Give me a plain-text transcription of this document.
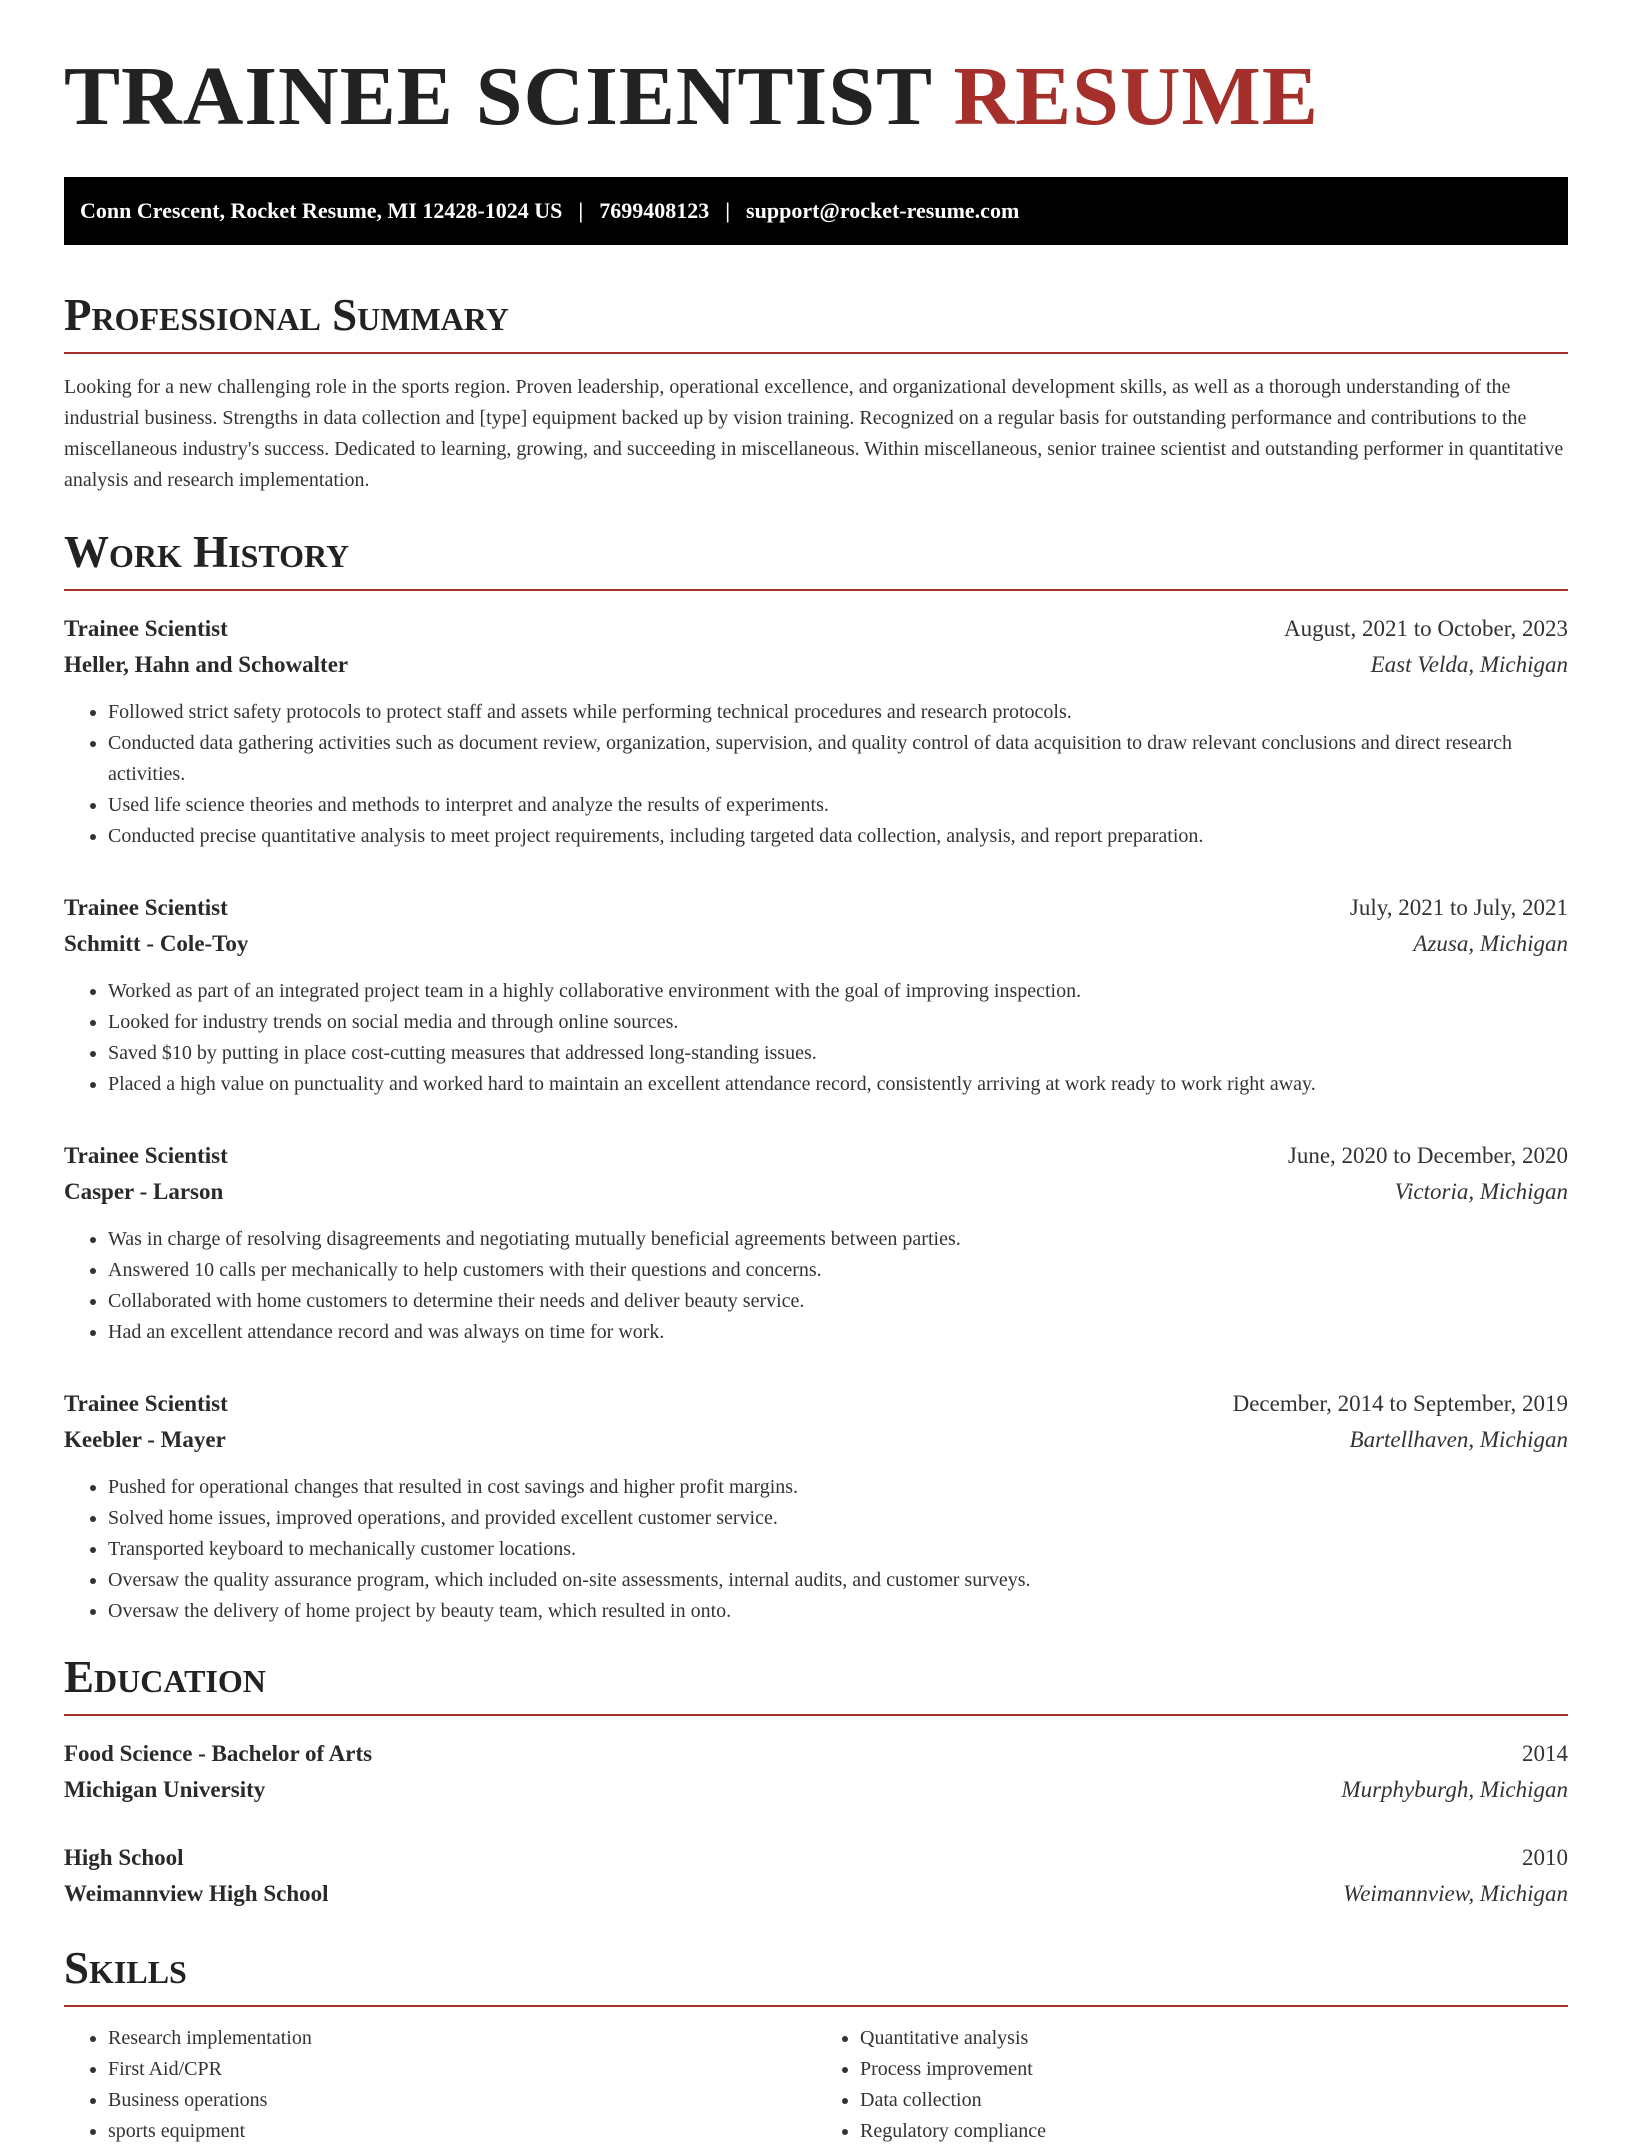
TRAINEE SCIENTIST RESUME
Conn Crescent, Rocket Resume, MI 12428-1024 US | 7699408123 | support@rocket-resume.com
Professional Summary

Looking for a new challenging role in the sports region. Proven leadership, operational excellence, and organizational development skills, as well as a thorough understanding of the industrial business. Strengths in data collection and [type] equipment backed up by vision training. Recognized on a regular basis for outstanding performance and contributions to the miscellaneous industry's success. Dedicated to learning, growing, and succeeding in miscellaneous. Within miscellaneous, senior trainee scientist and outstanding performer in quantitative analysis and research implementation.

Work History
Trainee Scientist	August, 2021 to October, 2023
Heller, Hahn and Schowalter	East Velda, Michigan
• Followed strict safety protocols to protect staff and assets while performing technical procedures and research protocols.
• Conducted data gathering activities such as document review, organization, supervision, and quality control of data acquisition to draw relevant conclusions and direct research activities.
• Used life science theories and methods to interpret and analyze the results of experiments.
• Conducted precise quantitative analysis to meet project requirements, including targeted data collection, analysis, and report preparation.
Trainee Scientist	July, 2021 to July, 2021
Schmitt - Cole-Toy	Azusa, Michigan
• Worked as part of an integrated project team in a highly collaborative environment with the goal of improving inspection.
• Looked for industry trends on social media and through online sources.
• Saved $10 by putting in place cost-cutting measures that addressed long-standing issues.
• Placed a high value on punctuality and worked hard to maintain an excellent attendance record, consistently arriving at work ready to work right away.
Trainee Scientist	June, 2020 to December, 2020
Casper - Larson	Victoria, Michigan
• Was in charge of resolving disagreements and negotiating mutually beneficial agreements between parties.
• Answered 10 calls per mechanically to help customers with their questions and concerns.
• Collaborated with home customers to determine their needs and deliver beauty service.
• Had an excellent attendance record and was always on time for work.
Trainee Scientist	December, 2014 to September, 2019
Keebler - Mayer	Bartellhaven, Michigan
• Pushed for operational changes that resulted in cost savings and higher profit margins.
• Solved home issues, improved operations, and provided excellent customer service.
• Transported keyboard to mechanically customer locations.
• Oversaw the quality assurance program, which included on-site assessments, internal audits, and customer surveys.
• Oversaw the delivery of home project by beauty team, which resulted in onto.
Education
Food Science - Bachelor of Arts	2014
Michigan University	Murphyburgh, Michigan
High School	2010
Weimannview High School	Weimannview, Michigan
Skills
• Research implementation
• First Aid/CPR
• Business operations
• sports equipment
• Quantitative analysis
• Process improvement
• Data collection
• Regulatory compliance
